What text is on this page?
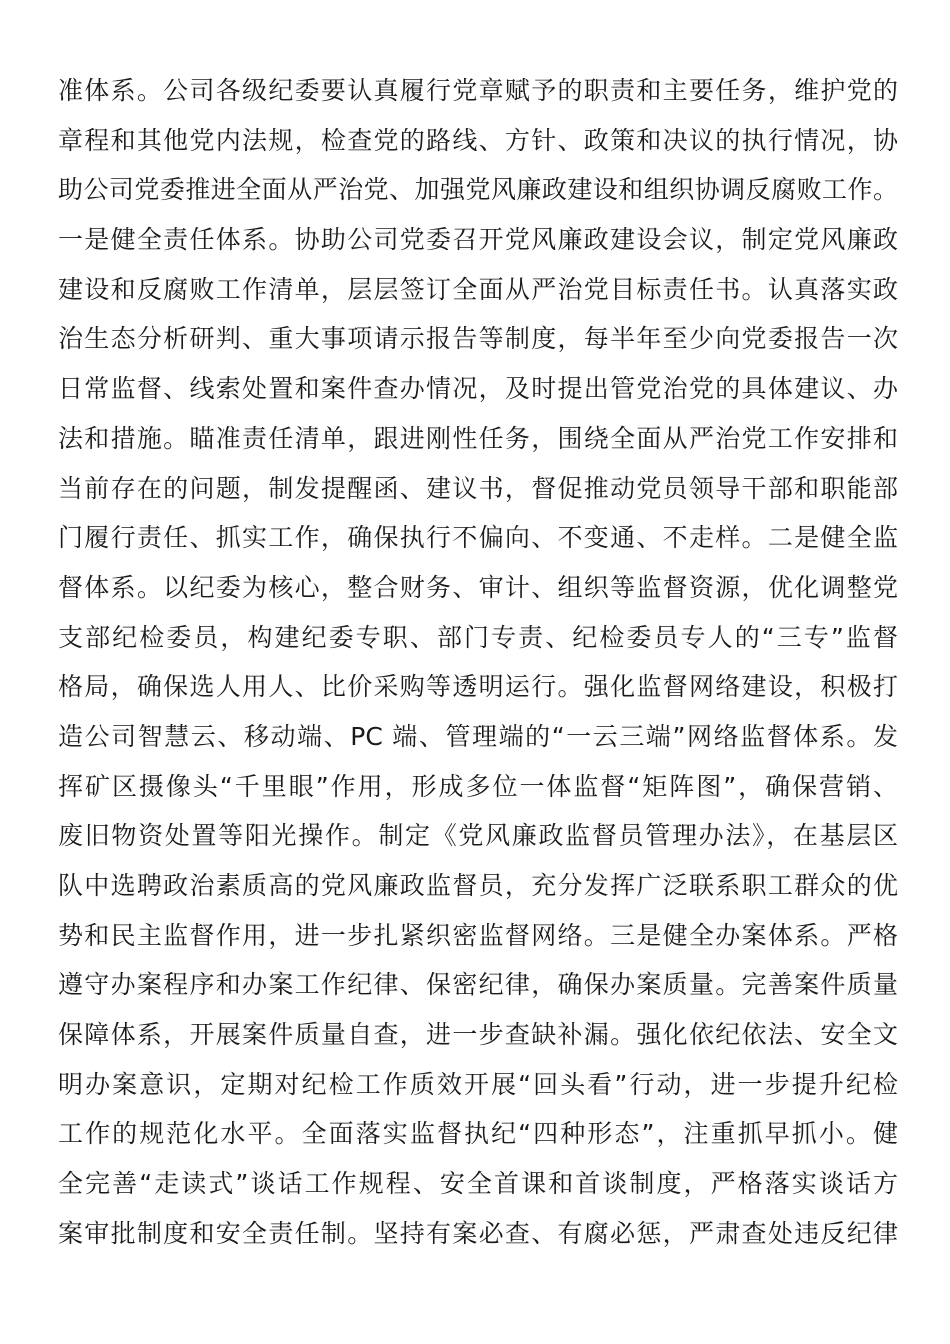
准体系。公司各级纪委要认真履行党章赋予的职责和主要任务，维护党的
章程和其他党内法规，检查党的路线、方针、政策和决议的执行情况，协
助公司党委推进全面从严治党、加强党风廉政建设和组织协调反腐败工作。
一是健全责任体系。协助公司党委召开党风廉政建设会议，制定党风廉政
建设和反腐败工作清单，层层签订全面从严治党目标责任书。认真落实政
治生态分析研判、重大事项请示报告等制度，每半年至少向党委报告一次
日常监督、线索处置和案件查办情况，及时提出管党治党的具体建议、办
法和措施。瞄准责任清单，跟进刚性任务，围绕全面从严治党工作安排和
当前存在的问题，制发提醒函、建议书，督促推动党员领导干部和职能部
门履行责任、抓实工作，确保执行不偏向、不变通、不走样。二是健全监
督体系。以纪委为核心，整合财务、审计、组织等监督资源，优化调整党
支部纪检委员，构建纪委专职、部门专责、纪检委员专人的“三专”监督
格局，确保选人用人、比价采购等透明运行。强化监督网络建设，积极打
造公司智慧云、移动端、PC 端、管理端的“一云三端”网络监督体系。发
挥矿区摄像头“千里眼”作用，形成多位一体监督“矩阵图”，确保营销、
废旧物资处置等阳光操作。制定《党风廉政监督员管理办法》，在基层区
队中选聘政治素质高的党风廉政监督员，充分发挥广泛联系职工群众的优
势和民主监督作用，进一步扎紧织密监督网络。三是健全办案体系。严格
遵守办案程序和办案工作纪律、保密纪律，确保办案质量。完善案件质量
保障体系，开展案件质量自查，进一步查缺补漏。强化依纪依法、安全文
明办案意识，定期对纪检工作质效开展“回头看”行动，进一步提升纪检
工作的规范化水平。全面落实监督执纪“四种形态”，注重抓早抓小。健
全完善“走读式”谈话工作规程、安全首课和首谈制度，严格落实谈话方
案审批制度和安全责任制。坚持有案必查、有腐必惩，严肃查处违反纪律
